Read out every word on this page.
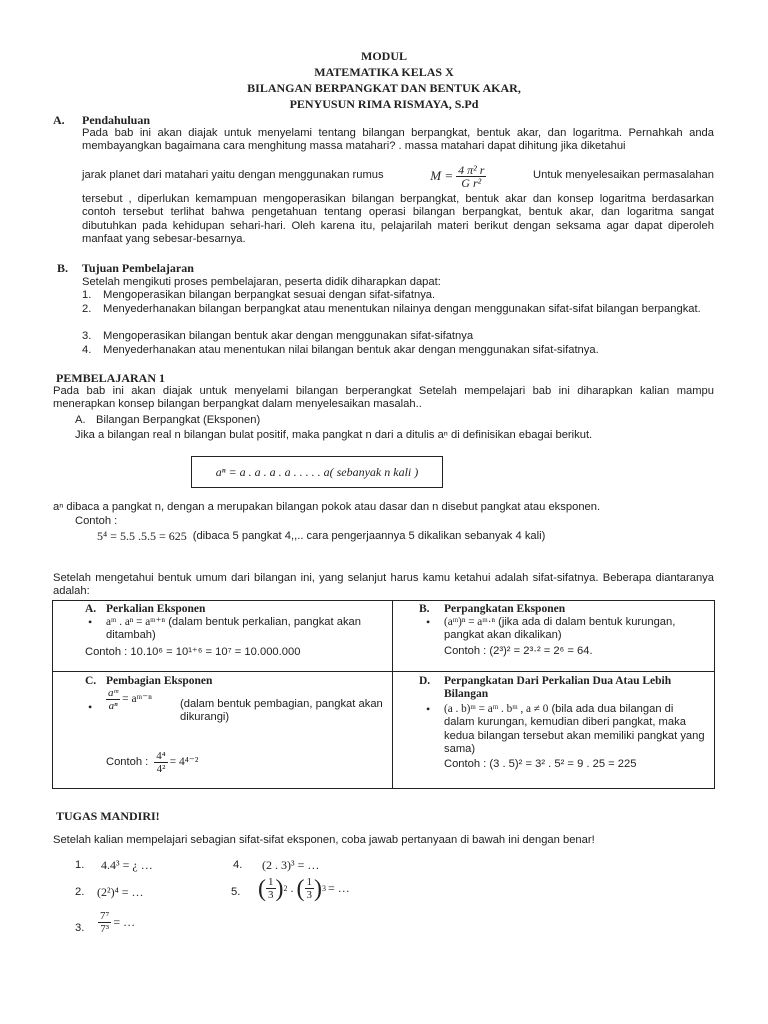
MODUL
MATEMATIKA KELAS X
BILANGAN BERPANGKAT DAN BENTUK AKAR,
PENYUSUN RIMA RISMAYA, S.Pd
A. Pendahuluan
Pada bab ini akan diajak untuk menyelami tentang bilangan berpangkat, bentuk akar, dan logaritma. Pernahkah anda membayangkan bagaimana cara menghitung massa matahari? . massa matahari dapat dihitung jika diketahui
jarak planet dari matahari yaitu dengan menggunakan rumus	$M = \frac{\text{4 π² r}}{\text{G r²}}$	Untuk menyelesaikan permasalahan
tersebut , diperlukan kemampuan mengoperasikan bilangan berpangkat, bentuk akar dan konsep logaritma berdasarkan contoh tersebut terlihat bahwa pengetahuan tentang operasi bilangan berpangkat, bentuk akar, dan logaritma sangat dibutuhkan pada kehidupan sehari-hari. Oleh karena itu, pelajarilah materi berikut dengan seksama agar dapat diperoleh manfaat yang sebesar-besarnya.
B. Tujuan Pembelajaran
Setelah mengikuti proses pembelajaran, peserta didik diharapkan dapat:
1. Mengoperasikan bilangan berpangkat sesuai dengan sifat-sifatnya.
2. Menyederhanakan bilangan berpangkat atau menentukan nilainya dengan menggunakan sifat-sifat bilangan berpangkat.
3. Mengoperasikan bilangan bentuk akar dengan menggunakan sifat-sifatnya
4. Menyederhanakan atau menentukan nilai bilangan bentuk akar dengan menggunakan sifat-sifatnya.
PEMBELAJARAN 1
Pada bab ini akan diajak untuk menyelami bilangan berperangkat Setelah mempelajari bab ini diharapkan kalian mampu menerapkan konsep bilangan berpangkat dalam menyelesaikan masalah..
A. Bilangan Berpangkat (Eksponen)
Jika a bilangan real n bilangan bulat positif, maka pangkat n dari a ditulis aⁿ di definisikan ebagai berikut.
aⁿ = a . a . a . a . . . . . a( sebanyak n kali )
aⁿ dibaca a pangkat n, dengan a merupakan bilangan pokok atau dasar dan n disebut pangkat atau eksponen.
Contoh :
5⁴ = 5.5 .5.5 = 625 (dibaca 5 pangkat 4,,.. cara pengerjaannya 5 dikalikan sebanyak 4 kali)
Setelah mengetahui bentuk umum dari bilangan ini, yang selanjut harus kamu ketahui adalah sifat-sifatnya. Beberapa diantaranya adalah:
A. Perkalian Eksponen
• aᵐ . aⁿ = aᵐ⁺ⁿ (dalam bentuk perkalian, pangkat akan ditambah)
Contoh : 10.10⁶ = 10¹⁺⁶ = 10⁷ = 10.000.000
B. Perpangkatan Eksponen
• (aᵐ)ⁿ = aᵐ·ⁿ (jika ada di dalam bentuk kurungan, pangkat akan dikalikan)
Contoh : (2³)² = 2³·² = 2⁶ = 64.
C. Pembagian Eksponen
• $\frac{\text{aᵐ}}{\text{aⁿ}}$ = aᵐ⁻ⁿ	(dalam bentuk pembagian, pangkat akan dikurangi)
Contoh : $\frac{\text{4⁴}}{\text{4²}} = 4^{4-2}$
D. Perpangkatan Dari Perkalian Dua Atau Lebih Bilangan
• (a . b)ᵐ = aᵐ . bᵐ , a ≠ 0 (bila ada dua bilangan di dalam kurungan, kemudian diberi pangkat, maka kedua bilangan tersebut akan memiliki pangkat yang sama)
Contoh : (3 . 5)² = 3² . 5² = 9 . 25 = 225
TUGAS MANDIRI!
Setelah kalian mempelajari sebagian sifat-sifat eksponen, coba jawab pertanyaan di bawah ini dengan benar!
1. 4.4³ = ¿ …
2. (2²)⁴ = …
3. $\frac{\text{7⁷}}{\text{7³}}$ = …
4. (2 . 3)³ = …
5. ( $\frac{1}{3}$ ) 2 . ( $\frac{1}{3}$ ) 3 = …
